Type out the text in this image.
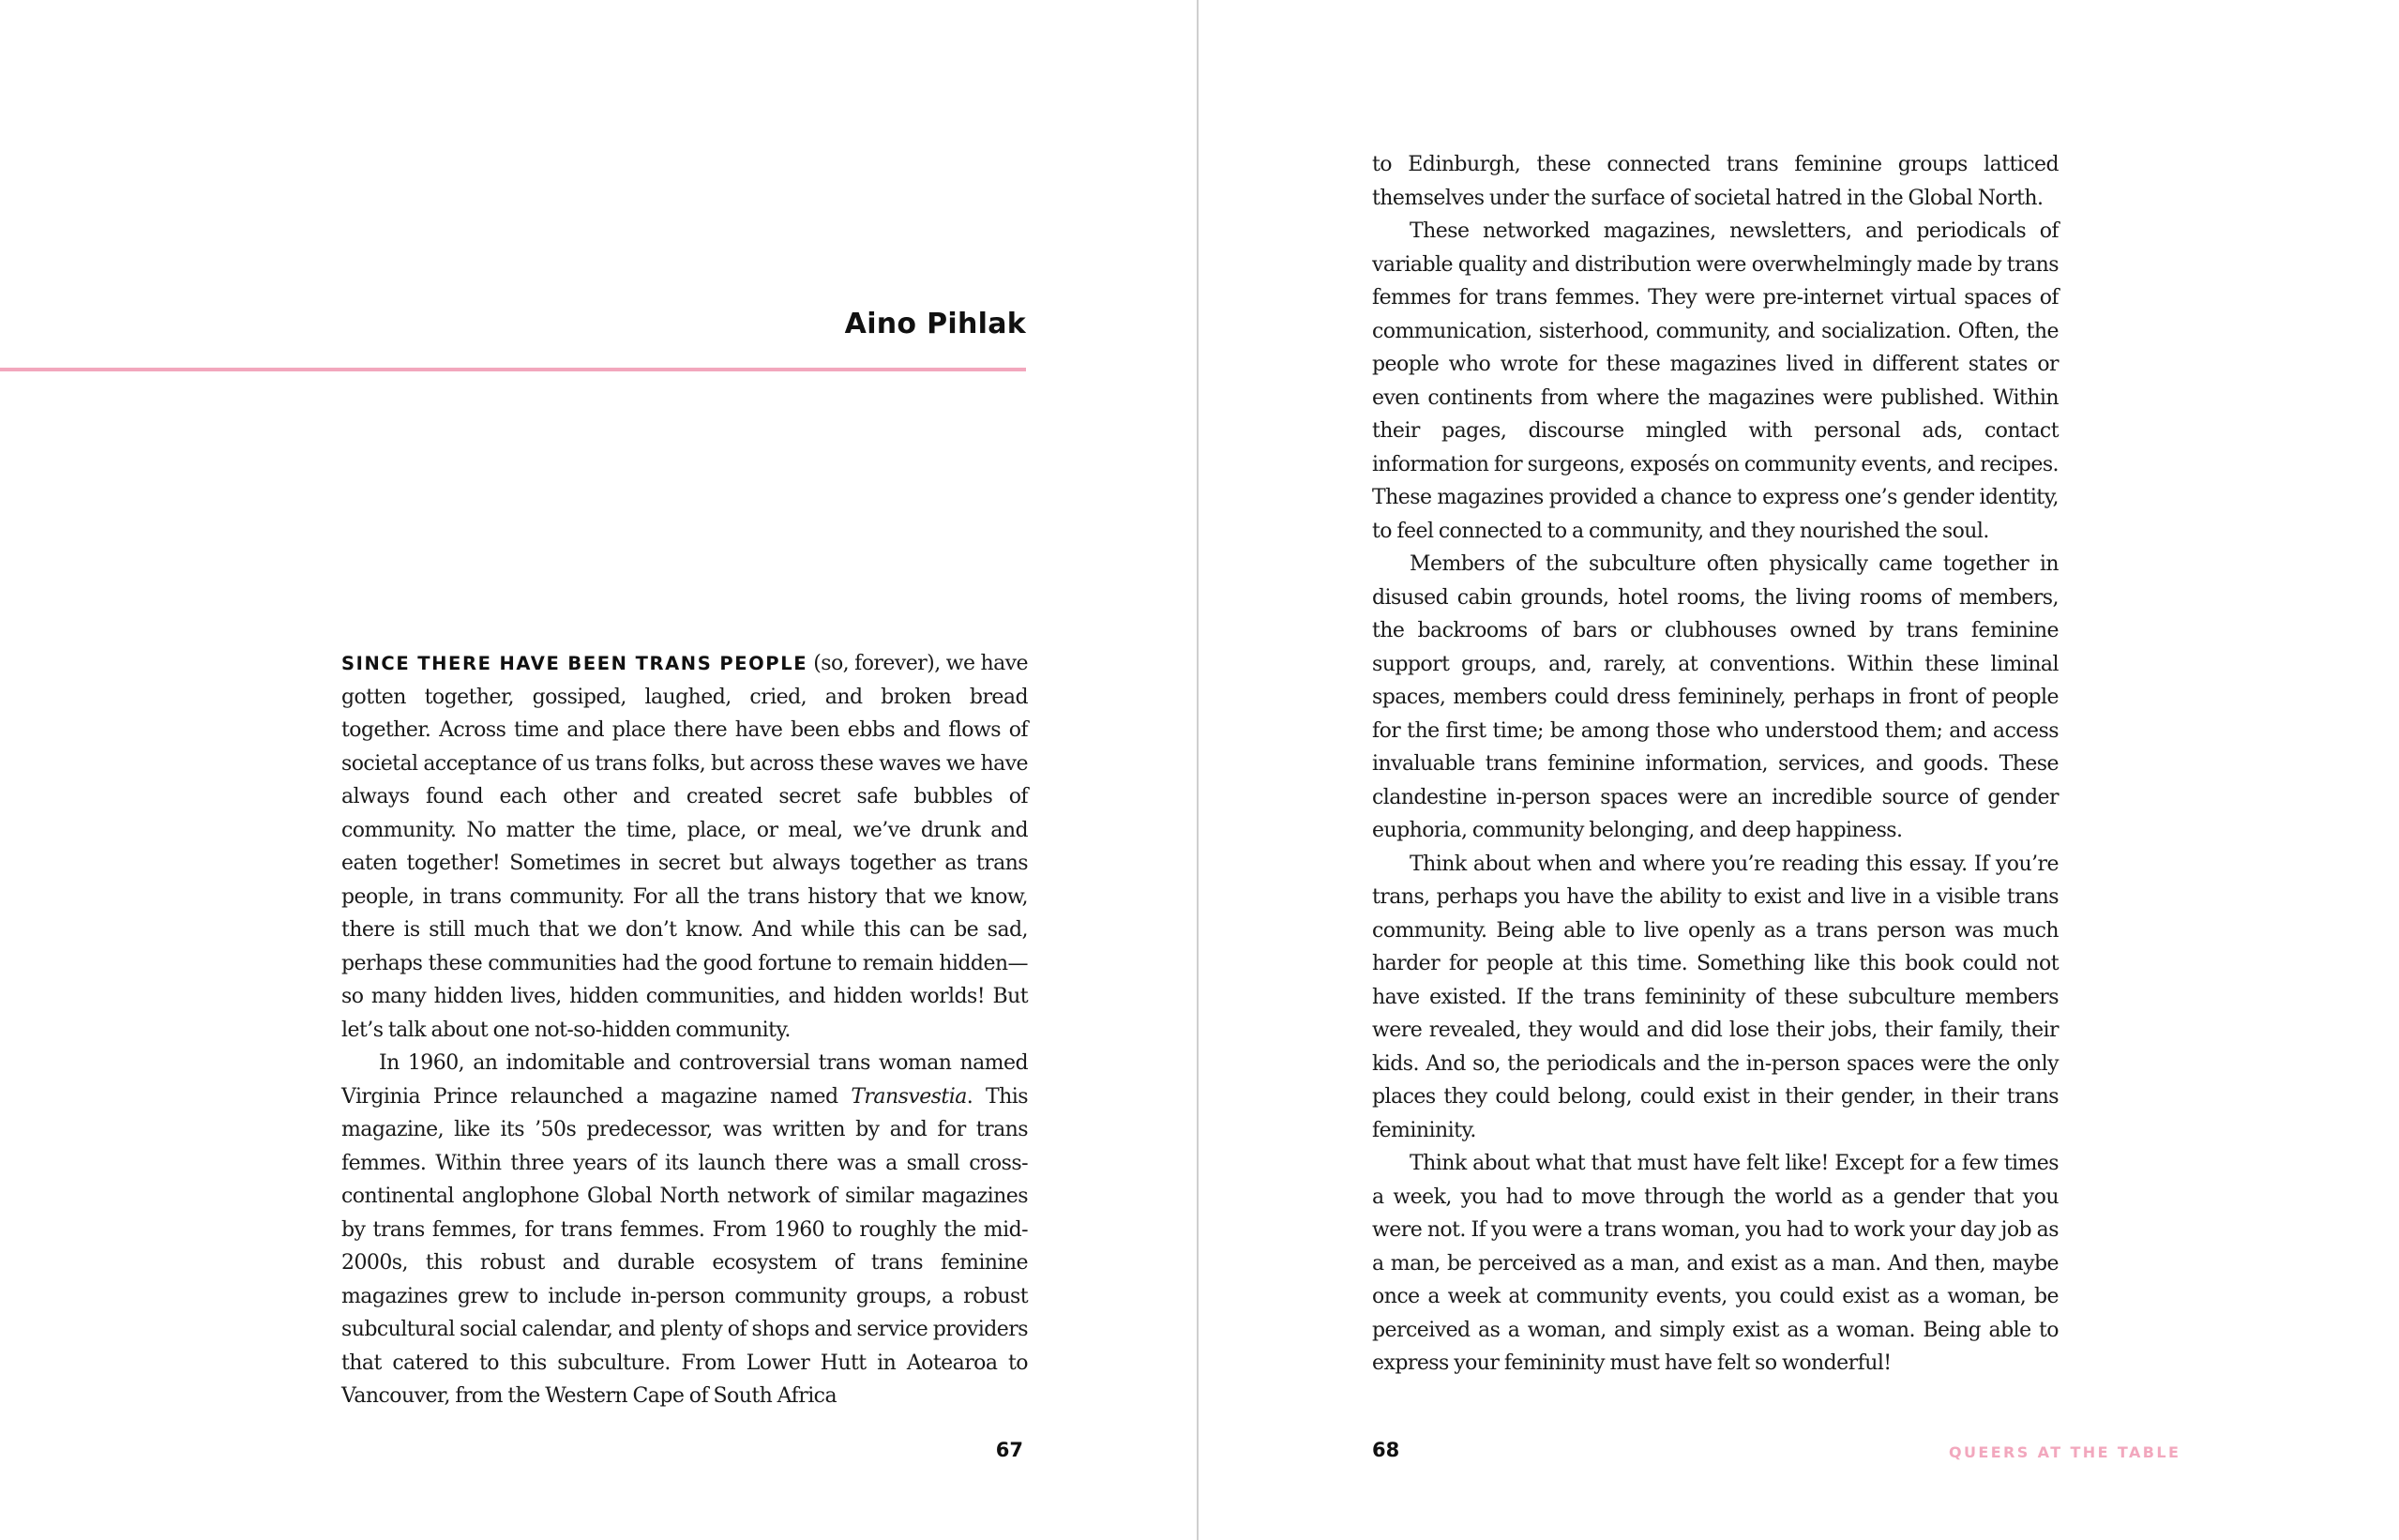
Aino Pihlak

SINCE THERE HAVE BEEN TRANS PEOPLE (so, forever), we have gotten together, gossiped, laughed, cried, and broken bread together. Across time and place there have been ebbs and flows of societal acceptance of us trans folks, but across these waves we have always found each other and created secret safe bubbles of community. No matter the time, place, or meal, we’ve drunk and eaten together! Sometimes in secret but always together as trans people, in trans community. For all the trans history that we know, there is still much that we don’t know. And while this can be sad, perhaps these communities had the good fortune to remain hidden—so many hidden lives, hidden communities, and hidden worlds! But let’s talk about one not-so-hidden community.

In 1960, an indomitable and controversial trans woman named Virginia Prince relaunched a magazine named Transvestia. This magazine, like its ’50s predecessor, was written by and for trans femmes. Within three years of its launch there was a small cross-continental anglophone Global North network of similar magazines by trans femmes, for trans femmes. From 1960 to roughly the mid-2000s, this robust and durable ecosystem of trans feminine magazines grew to include in-person community groups, a robust subcultural social calendar, and plenty of shops and service providers that catered to this subculture. From Lower Hutt in Aotearoa to Vancouver, from the Western Cape of South Africa

67

to Edinburgh, these connected trans feminine groups latticed themselves under the surface of societal hatred in the Global North.

These networked magazines, newsletters, and periodicals of variable quality and distribution were overwhelmingly made by trans femmes for trans femmes. They were pre-internet virtual spaces of communication, sisterhood, community, and socialization. Often, the people who wrote for these magazines lived in different states or even continents from where the magazines were published. Within their pages, discourse mingled with personal ads, contact information for surgeons, exposés on community events, and recipes. These magazines provided a chance to express one’s gender identity, to feel connected to a community, and they nourished the soul.

Members of the subculture often physically came together in disused cabin grounds, hotel rooms, the living rooms of members, the backrooms of bars or clubhouses owned by trans feminine support groups, and, rarely, at conventions. Within these liminal spaces, members could dress femininely, perhaps in front of people for the first time; be among those who understood them; and access invaluable trans feminine information, services, and goods. These clandestine in-person spaces were an incredible source of gender euphoria, community belonging, and deep happiness.

Think about when and where you’re reading this essay. If you’re trans, perhaps you have the ability to exist and live in a visible trans community. Being able to live openly as a trans person was much harder for people at this time. Something like this book could not have existed. If the trans femininity of these subculture members were revealed, they would and did lose their jobs, their family, their kids. And so, the periodicals and the in-person spaces were the only places they could belong, could exist in their gender, in their trans femininity.

Think about what that must have felt like! Except for a few times a week, you had to move through the world as a gender that you were not. If you were a trans woman, you had to work your day job as a man, be perceived as a man, and exist as a man. And then, maybe once a week at community events, you could exist as a woman, be perceived as a woman, and simply exist as a woman. Being able to express your femininity must have felt so wonderful!

68	QUEERS AT THE TABLE
